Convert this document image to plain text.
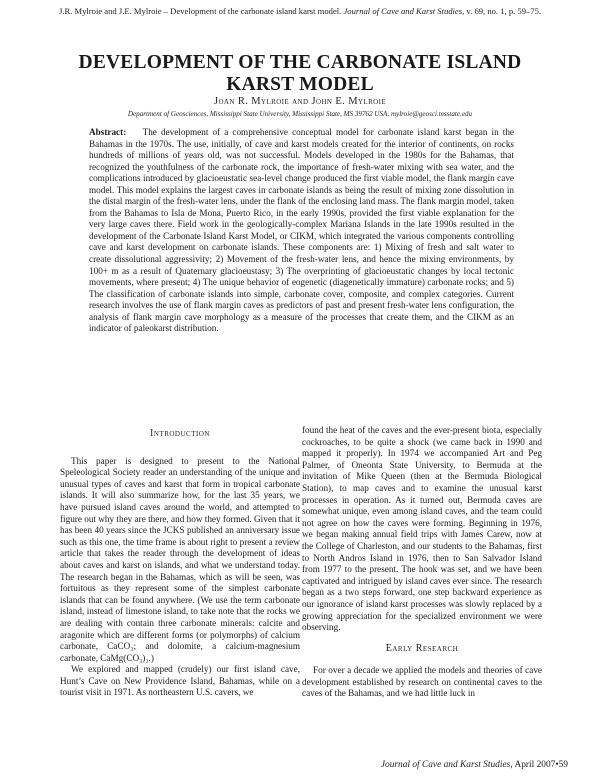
J.R. Mylroie and J.E. Mylroie – Development of the carbonate island karst model. Journal of Cave and Karst Studies, v. 69, no. 1, p. 59–75.
DEVELOPMENT OF THE CARBONATE ISLAND KARST MODEL
Joan R. Mylroie and John E. Mylroie
Department of Geosciences, Mississippi State University, Mississippi State, MS 39762 USA, mylroie@geosci.msstate.edu

Abstract: The development of a comprehensive conceptual model for carbonate island karst began in the Bahamas in the 1970s. The use, initially, of cave and karst models created for the interior of continents, on rocks hundreds of millions of years old, was not successful. Models developed in the 1980s for the Bahamas, that recognized the youthfulness of the carbonate rock, the importance of fresh-water mixing with sea water, and the complications introduced by glacioeustatic sea-level change produced the first viable model, the flank margin cave model. This model explains the largest caves in carbonate islands as being the result of mixing zone dissolution in the distal margin of the fresh-water lens, under the flank of the enclosing land mass. The flank margin model, taken from the Bahamas to Isla de Mona, Puerto Rico, in the early 1990s, provided the first viable explanation for the very large caves there. Field work in the geologically-complex Mariana Islands in the late 1990s resulted in the development of the Carbonate Island Karst Model, or CIKM, which integrated the various components controlling cave and karst development on carbonate islands. These components are: 1) Mixing of fresh and salt water to create dissolutional aggressivity; 2) Movement of the fresh-water lens, and hence the mixing environments, by 100+ m as a result of Quaternary glacioeustasy; 3) The overprinting of glacioeustatic changes by local tectonic movements, where present; 4) The unique behavior of eogenetic (diagenetically immature) carbonate rocks; and 5) The classification of carbonate islands into simple, carbonate cover, composite, and complex categories. Current research involves the use of flank margin caves as predictors of past and present fresh-water lens configuration, the analysis of flank margin cave morphology as a measure of the processes that create them, and the CIKM as an indicator of paleokarst distribution.

Introduction

This paper is designed to present to the National Speleological Society reader an understanding of the unique and unusual types of caves and karst that form in tropical carbonate islands. It will also summarize how, for the last 35 years, we have pursued island caves around the world, and attempted to figure out why they are there, and how they formed. Given that it has been 40 years since the JCKS published an anniversary issue such as this one, the time frame is about right to present a review article that takes the reader through the development of ideas about caves and karst on islands, and what we understand today. The research began in the Bahamas, which as will be seen, was fortuitous as they represent some of the simplest carbonate islands that can be found anywhere. (We use the term carbonate island, instead of limestone island, to take note that the rocks we are dealing with contain three carbonate minerals: calcite and aragonite which are different forms (or polymorphs) of calcium carbonate, CaCO₃; and dolomite, a calcium-magnesium carbonate, CaMg(CO₃)₂.)

We explored and mapped (crudely) our first island cave, Hunt’s Cave on New Providence Island, Bahamas, while on a tourist visit in 1971. As northeastern U.S. cavers, we

found the heat of the caves and the ever-present biota, especially cockroaches, to be quite a shock (we came back in 1990 and mapped it properly). In 1974 we accompanied Art and Peg Palmer, of Oneonta State University, to Bermuda at the invitation of Mike Queen (then at the Bermuda Biological Station), to map caves and to examine the unusual karst processes in operation. As it turned out, Bermuda caves are somewhat unique, even among island caves, and the team could not agree on how the caves were forming. Beginning in 1976, we began making annual field trips with James Carew, now at the College of Charleston, and our students to the Bahamas, first to North Andros Island in 1976, then to San Salvador Island from 1977 to the present. The hook was set, and we have been captivated and intrigued by island caves ever since. The research began as a two steps forward, one step backward experience as our ignorance of island karst processes was slowly replaced by a growing appreciation for the specialized environment we were observing.

Early Research

For over a decade we applied the models and theories of cave development established by research on continental caves to the caves of the Bahamas, and we had little luck in

Journal of Cave and Karst Studies, April 2007•59
